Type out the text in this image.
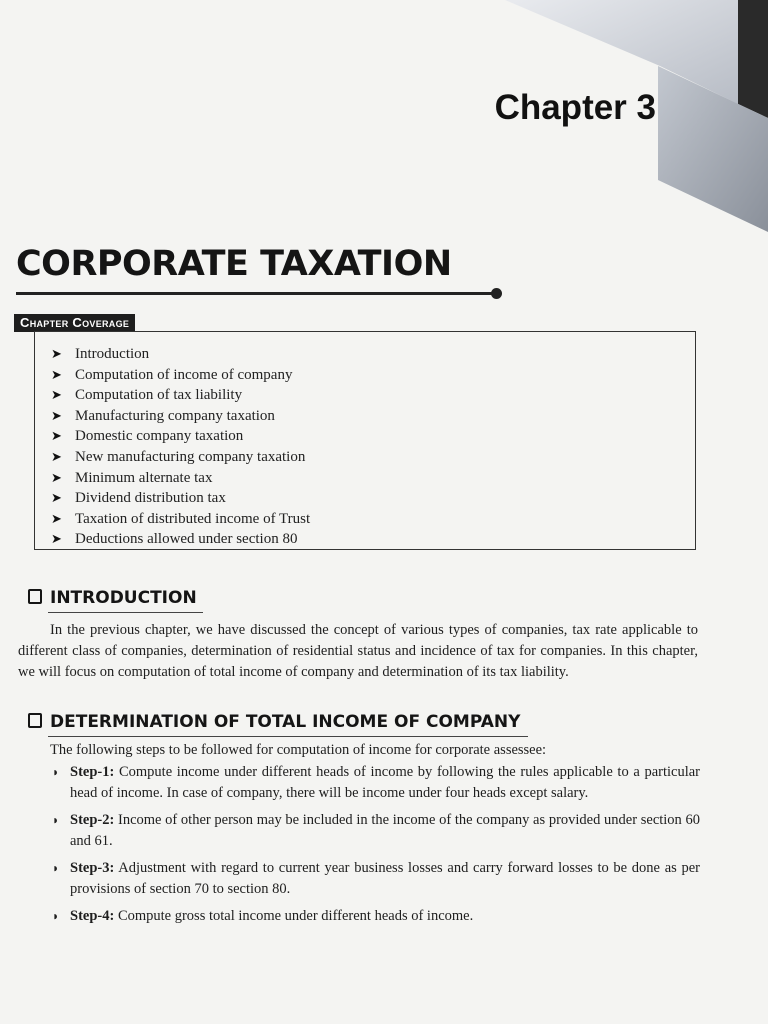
Chapter 3
CORPORATE TAXATION
Chapter Coverage
➤ Introduction
➤ Computation of income of company
➤ Computation of tax liability
➤ Manufacturing company taxation
➤ Domestic company taxation
➤ New manufacturing company taxation
➤ Minimum alternate tax
➤ Dividend distribution tax
➤ Taxation of distributed income of Trust
➤ Deductions allowed under section 80
INTRODUCTION

In the previous chapter, we have discussed the concept of various types of companies, tax rate applicable to different class of companies, determination of residential status and incidence of tax for companies. In this chapter, we will focus on computation of total income of company and determination of its tax liability.

DETERMINATION OF TOTAL INCOME OF COMPANY

The following steps to be followed for computation of income for corporate assessee:

◗ Step-1: Compute income under different heads of income by following the rules applicable to a particular head of income. In case of company, there will be income under four heads except salary.

◗ Step-2: Income of other person may be included in the income of the company as provided under section 60 and 61.

◗ Step-3: Adjustment with regard to current year business losses and carry forward losses to be done as per provisions of section 70 to section 80.

◗ Step-4: Compute gross total income under different heads of income.
